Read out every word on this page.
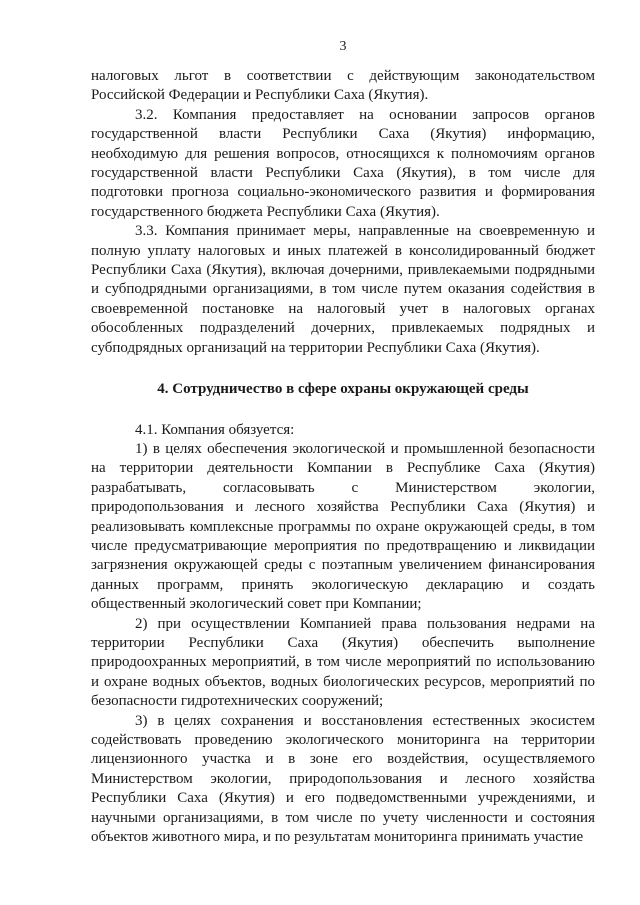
3

налоговых льгот в соответствии с действующим законодательством Российской Федерации и Республики Саха (Якутия).

3.2. Компания предоставляет на основании запросов органов государственной власти Республики Саха (Якутия) информацию, необходимую для решения вопросов, относящихся к полномочиям органов государственной власти Республики Саха (Якутия), в том числе для подготовки прогноза социально-экономического развития и формирования государственного бюджета Республики Саха (Якутия).

3.3. Компания принимает меры, направленные на своевременную и полную уплату налоговых и иных платежей в консолидированный бюджет Республики Саха (Якутия), включая дочерними, привлекаемыми подрядными и субподрядными организациями, в том числе путем оказания содействия в своевременной постановке на налоговый учет в налоговых органах обособленных подразделений дочерних, привлекаемых подрядных и субподрядных организаций на территории Республики Саха (Якутия).

4. Сотрудничество в сфере охраны окружающей среды

4.1. Компания обязуется:

1) в целях обеспечения экологической и промышленной безопасности на территории деятельности Компании в Республике Саха (Якутия) разрабатывать, согласовывать с Министерством экологии, природопользования и лесного хозяйства Республики Саха (Якутия) и реализовывать комплексные программы по охране окружающей среды, в том числе предусматривающие мероприятия по предотвращению и ликвидации загрязнения окружающей среды с поэтапным увеличением финансирования данных программ, принять экологическую декларацию и создать общественный экологический совет при Компании;

2) при осуществлении Компанией права пользования недрами на территории Республики Саха (Якутия) обеспечить выполнение природоохранных мероприятий, в том числе мероприятий по использованию и охране водных объектов, водных биологических ресурсов, мероприятий по безопасности гидротехнических сооружений;

3) в целях сохранения и восстановления естественных экосистем содействовать проведению экологического мониторинга на территории лицензионного участка и в зоне его воздействия, осуществляемого Министерством экологии, природопользования и лесного хозяйства Республики Саха (Якутия) и его подведомственными учреждениями, и научными организациями, в том числе по учету численности и состояния объектов животного мира, и по результатам мониторинга принимать участие
